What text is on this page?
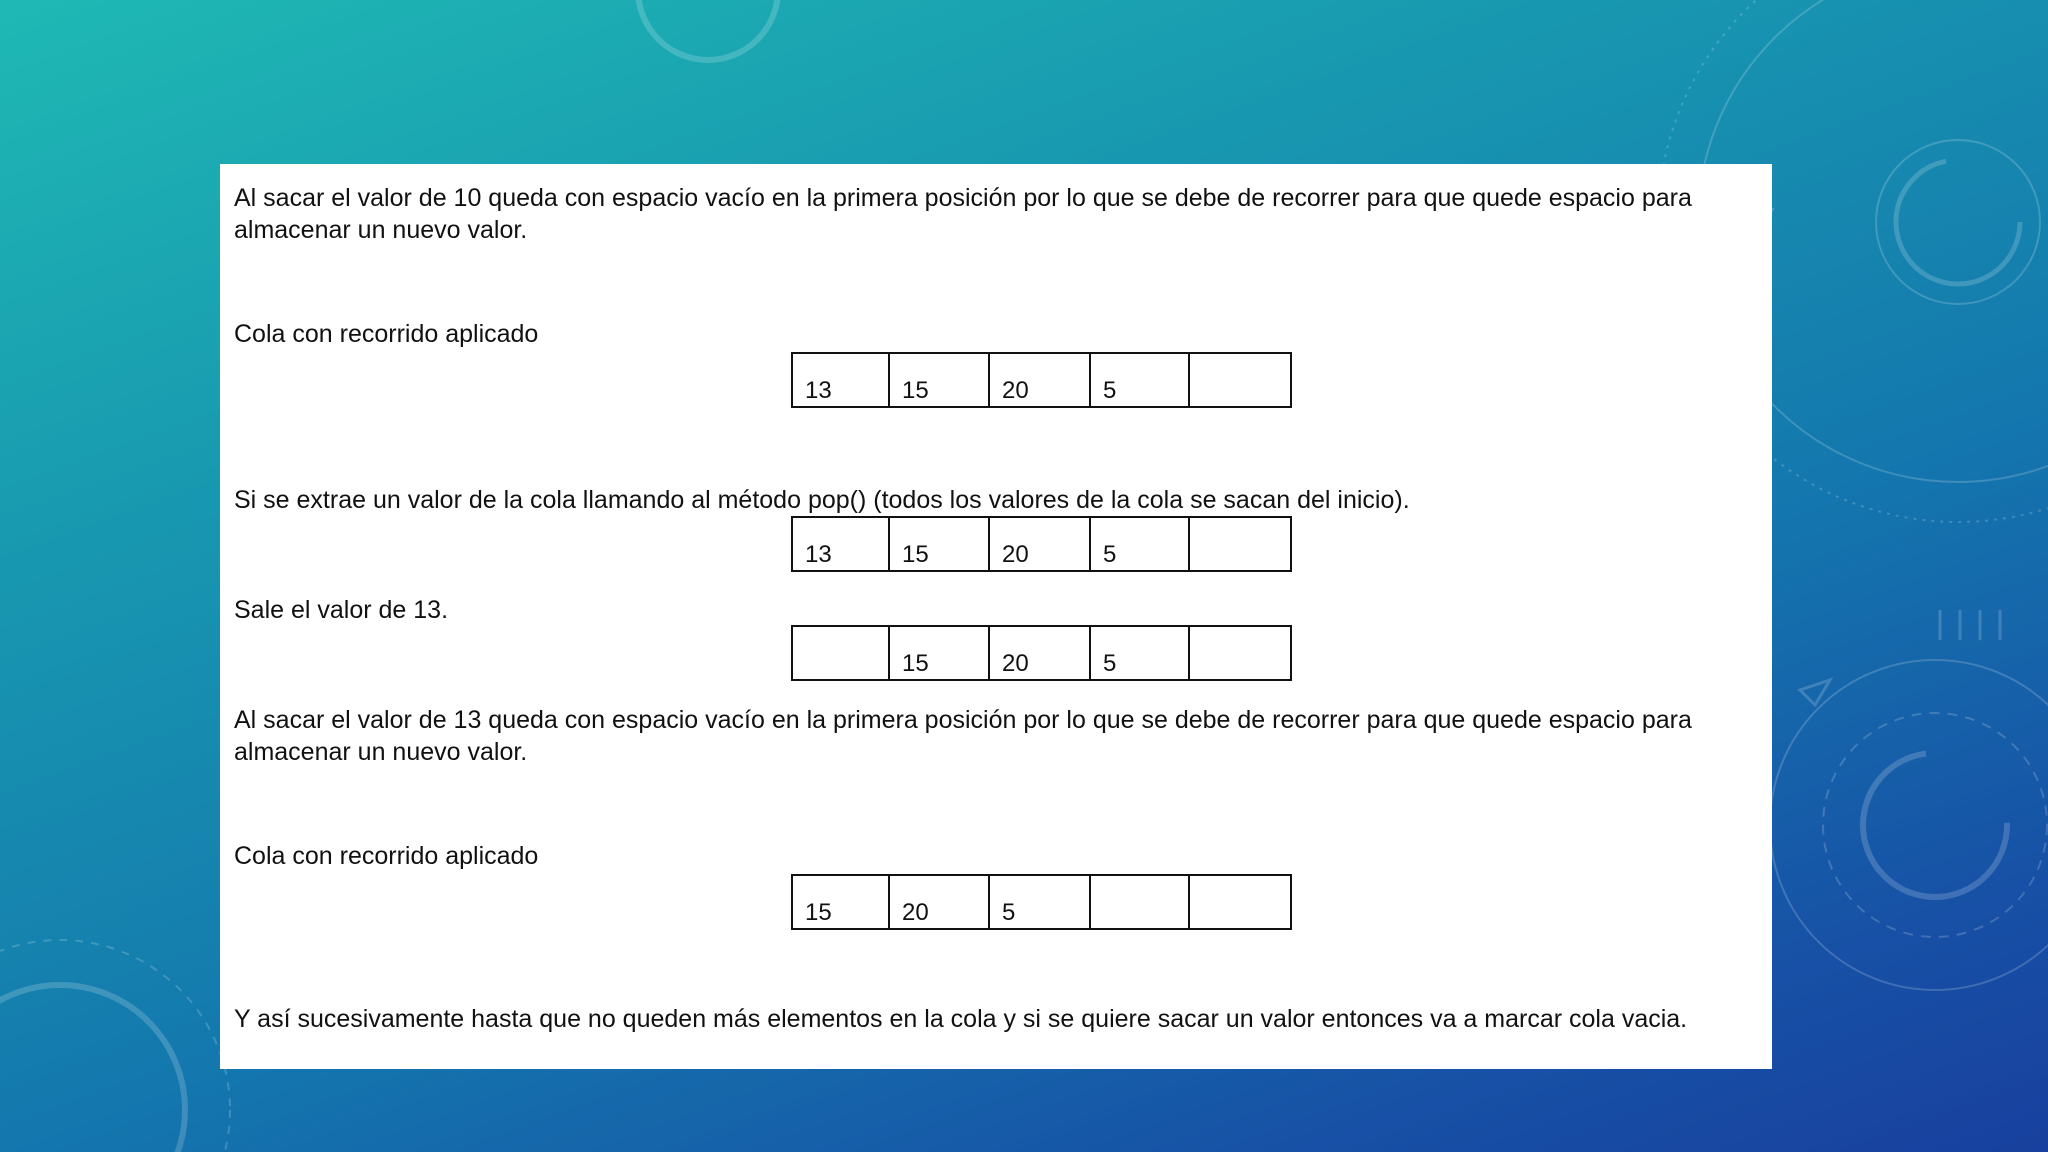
Al sacar el valor de 10 queda con espacio vacío en la primera posición por lo que se debe de recorrer para que quede espacio para almacenar un nuevo valor.

Cola con recorrido aplicado

13	15	20	5

Si se extrae un valor de la cola llamando al método pop() (todos los valores de la cola se sacan del inicio).

13	15	20	5

Sale el valor de 13.

15	20	5

Al sacar el valor de 13 queda con espacio vacío en la primera posición por lo que se debe de recorrer para que quede espacio para almacenar un nuevo valor.

Cola con recorrido aplicado

15	20	5

Y así sucesivamente hasta que no queden más elementos en la cola y si se quiere sacar un valor entonces va a marcar cola vacia.
